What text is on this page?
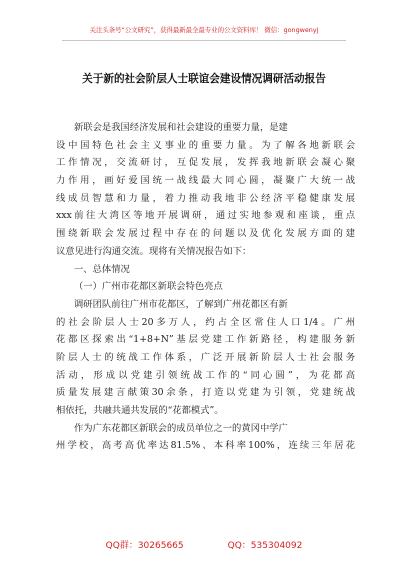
关注头条号“公文研究”，获得最新最全最专业的公文资料库！ 微信：gongwenyj
关于新的社会阶层人士联谊会建设情况调研活动报告
新联会是我国经济发展和社会建设的重要力量，是建
设中国特色社会主义事业的重要力量。为了解各地新联会
工作情况，交流研讨，互促发展，发挥我地新联会凝心聚
力作用，画好爱国统一战线最大同心圆，凝聚广大统一战
线成员智慧和力量，着力推动我地非公经济平稳健康发展
xxx前往大湾区等地开展调研，通过实地参观和座谈，重点
围绕新联会发展过程中存在的问题以及优化发展方面的建
议意见进行沟通交流。现将有关情况报告如下：
一、总体情况
（一）广州市花都区新联会特色亮点
调研团队前往广州市花都区，了解到广州花都区有新
的社会阶层人士20多万人，约占全区常住人口1/4。广州
花都区探索出“1+8+N”基层党建工作新路径，构建服务新
阶层人士的统战工作体系，广泛开展新阶层人士社会服务
活动，形成以党建引领统战工作的“同心圆”，为花都高
质量发展建言献策30余条，打造以党建为引领，党建统战
相依托，共融共通共发展的“花都模式”。
作为广东花都区新联会的成员单位之一的黄冈中学广
州学校，高考高优率达81.5%、本科率100%，连续三年居花
QQ群：30265665	QQ：535304092
